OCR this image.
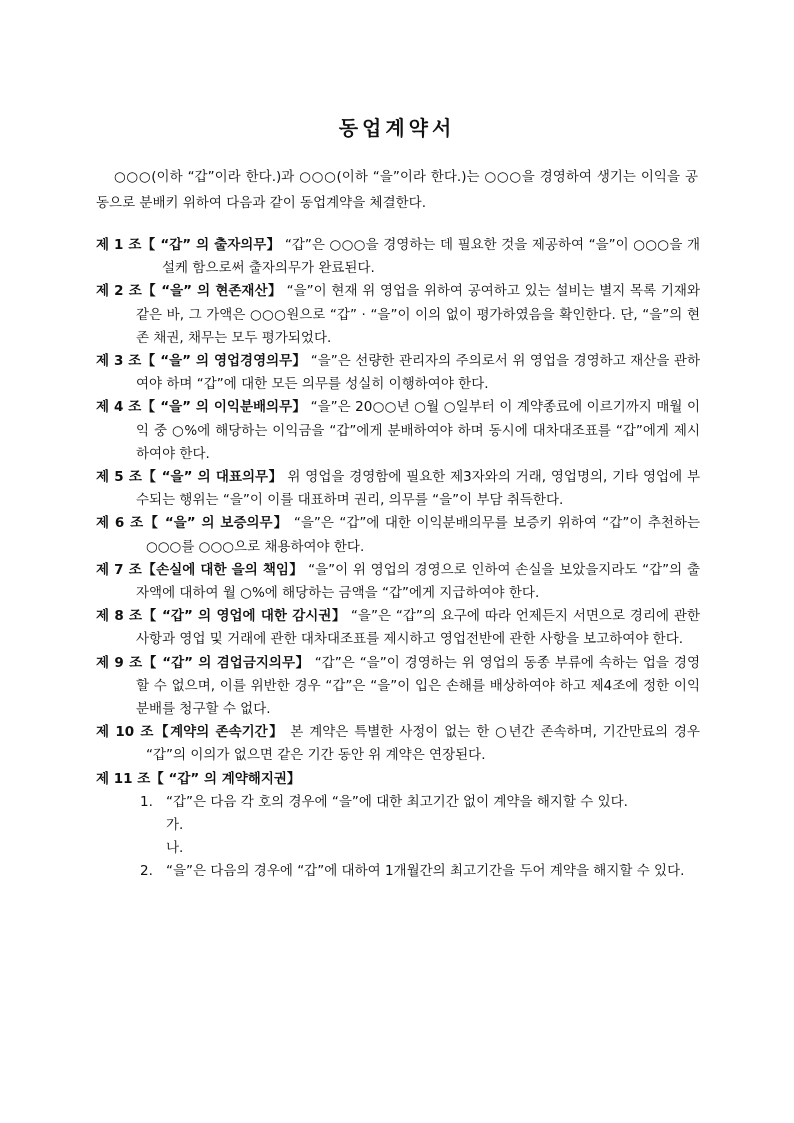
동업계약서
○○○(이하 “갑”이라 한다.)과 ○○○(이하 “을”이라 한다.)는 ○○○을 경영하여 생기는 이익을 공동으로 분배키 위하여 다음과 같이 동업계약을 체결한다.

제 1 조【 “갑” 의 출자의무】 “갑”은 ○○○을 경영하는 데 필요한 것을 제공하여 “을”이 ○○○을 개설케 함으로써 출자의무가 완료된다.

제 2 조【 “을” 의 현존재산】 “을”이 현재 위 영업을 위하여 공여하고 있는 설비는 별지 목록 기재와 같은 바, 그 가액은 ○○○원으로 “갑” · “을”이 이의 없이 평가하였음을 확인한다. 단, “을”의 현존 채권, 채무는 모두 평가되었다.

제 3 조【 “을” 의 영업경영의무】 “을”은 선량한 관리자의 주의로서 위 영업을 경영하고 재산을 관하여야 하며 “갑”에 대한 모든 의무를 성실히 이행하여야 한다.

제 4 조【 “을” 의 이익분배의무】 “을”은 20○○년 ○월 ○일부터 이 계약종료에 이르기까지 매월 이익 중 ○%에 해당하는 이익금을 “갑”에게 분배하여야 하며 동시에 대차대조표를 “갑”에게 제시하여야 한다.

제 5 조【 “을” 의 대표의무】 위 영업을 경영함에 필요한 제3자와의 거래, 영업명의, 기타 영업에 부수되는 행위는 “을”이 이를 대표하며 권리, 의무를 “을”이 부담 취득한다.

제 6 조【 “을” 의 보증의무】 “을”은 “갑”에 대한 이익분배의무를 보증키 위하여 “갑”이 추천하는 ○○○를 ○○○으로 채용하여야 한다.

제 7 조【손실에 대한 을의 책임】 “을”이 위 영업의 경영으로 인하여 손실을 보았을지라도 “갑”의 출자액에 대하여 월 ○%에 해당하는 금액을 “갑”에게 지급하여야 한다.

제 8 조【 “갑” 의 영업에 대한 감시권】 “을”은 “갑”의 요구에 따라 언제든지 서면으로 경리에 관한 사항과 영업 및 거래에 관한 대차대조표를 제시하고 영업전반에 관한 사항을 보고하여야 한다.

제 9 조【 “갑” 의 겸업금지의무】 “갑”은 “을”이 경영하는 위 영업의 동종 부류에 속하는 업을 경영할 수 없으며, 이를 위반한 경우 “갑”은 “을”이 입은 손해를 배상하여야 하고 제4조에 정한 이익분배를 청구할 수 없다.

제 10 조【계약의 존속기간】 본 계약은 특별한 사정이 없는 한 ○년간 존속하며, 기간만료의 경우 “갑”의 이의가 없으면 같은 기간 동안 위 계약은 연장된다.

제 11 조【 “갑” 의 계약해지권】

1. “갑”은 다음 각 호의 경우에 “을”에 대한 최고기간 없이 계약을 해지할 수 있다.

가.

나.

2. “을”은 다음의 경우에 “갑”에 대하여 1개월간의 최고기간을 두어 계약을 해지할 수 있다.
